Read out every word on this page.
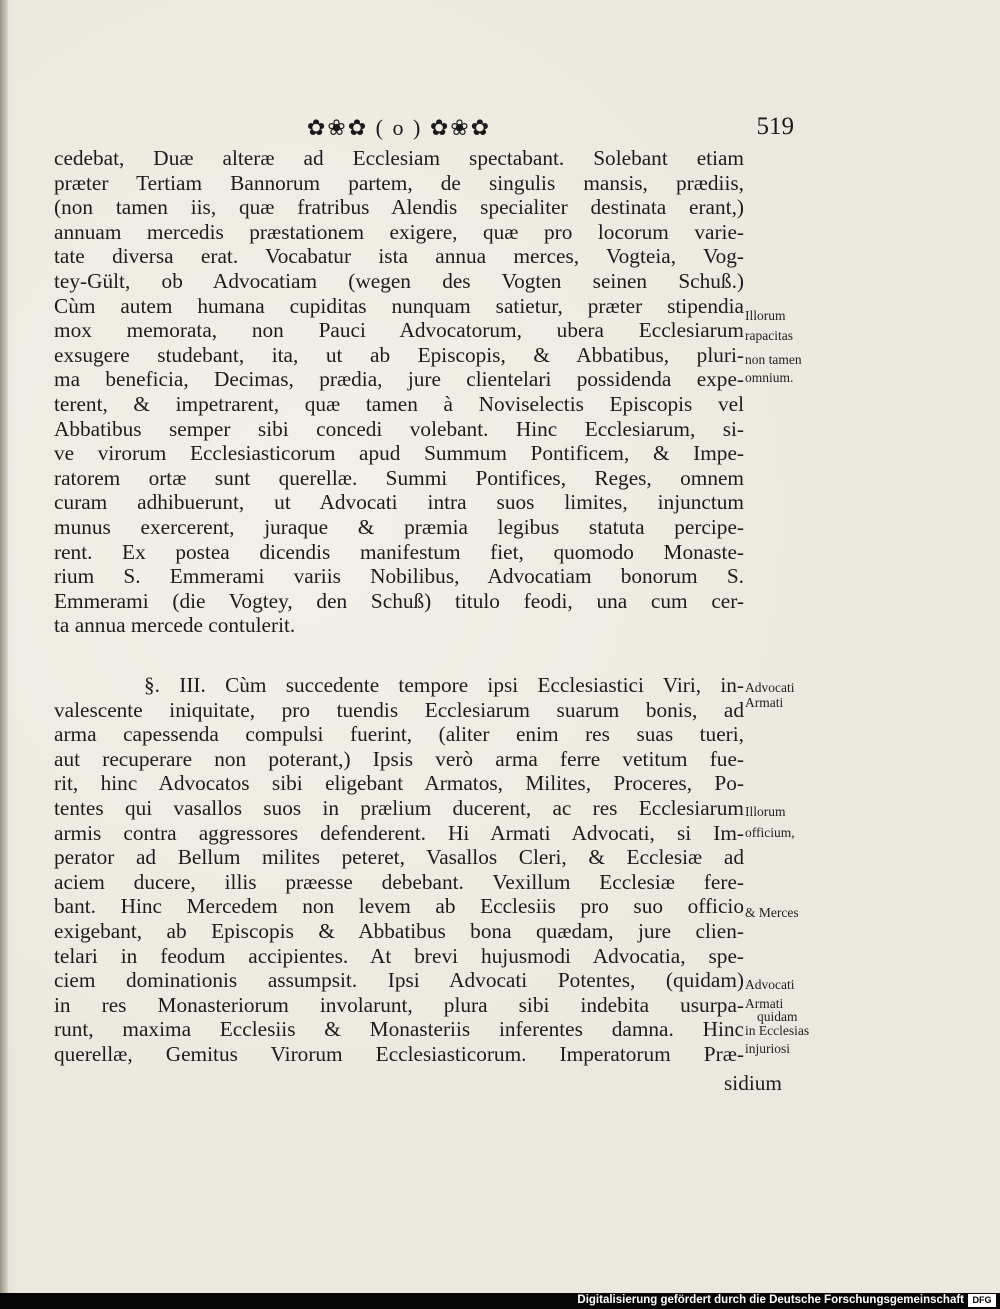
✿❀✿ ( o ) ✿❀✿	519
cedebat, Duæ alteræ ad Ecclesiam spectabant. Solebant etiam
præter Tertiam Bannorum partem, de singulis mansis, prædiis,
(non tamen iis, quæ fratribus Alendis specialiter destinata erant,)
annuam mercedis præstationem exigere, quæ pro locorum varie-
tate diversa erat. Vocabatur ista annua merces, Vogteia, Vog-
tey-Gült, ob Advocatiam (wegen des Vogten seinen Schuß.)
Cùm autem humana cupiditas nunquam satietur, præter stipendia
mox memorata, non Pauci Advocatorum, ubera Ecclesiarum
exsugere studebant, ita, ut ab Episcopis, & Abbatibus, pluri-
ma beneficia, Decimas, prædia, jure clientelari possidenda expe-
terent, & impetrarent, quæ tamen à Noviselectis Episcopis vel
Abbatibus semper sibi concedi volebant. Hinc Ecclesiarum, si-
ve virorum Ecclesiasticorum apud Summum Pontificem, & Impe-
ratorem ortæ sunt querellæ. Summi Pontifices, Reges, omnem
curam adhibuerunt, ut Advocati intra suos limites, injunctum
munus exercerent, juraque & præmia legibus statuta percipe-
rent. Ex postea dicendis manifestum fiet, quomodo Monaste-
rium S. Emmerami variis Nobilibus, Advocatiam bonorum S.
Emmerami (die Vogtey, den Schuß) titulo feodi, una cum cer-
ta annua mercede contulerit.
§. III. Cùm succedente tempore ipsi Ecclesiastici Viri, in-
valescente iniquitate, pro tuendis Ecclesiarum suarum bonis, ad
arma capessenda compulsi fuerint, (aliter enim res suas tueri,
aut recuperare non poterant,) Ipsis verò arma ferre vetitum fue-
rit, hinc Advocatos sibi eligebant Armatos, Milites, Proceres, Po-
tentes qui vasallos suos in prælium ducerent, ac res Ecclesiarum
armis contra aggressores defenderent. Hi Armati Advocati, si Im-
perator ad Bellum milites peteret, Vasallos Cleri, & Ecclesiæ ad
aciem ducere, illis præesse debebant. Vexillum Ecclesiæ fere-
bant. Hinc Mercedem non levem ab Ecclesiis pro suo officio
exigebant, ab Episcopis & Abbatibus bona quædam, jure clien-
telari in feodum accipientes. At brevi hujusmodi Advocatia, spe-
ciem dominationis assumpsit. Ipsi Advocati Potentes, (quidam)
in res Monasteriorum involarunt, plura sibi indebita usurpa-
runt, maxima Ecclesiis & Monasteriis inferentes damna. Hinc
querellæ, Gemitus Virorum Ecclesiasticorum. Imperatorum Præ-
sidium
Illorum
rapacitas
non tamen
omnium.
Advocati
Armati
Illorum
officium,
& Merces
Advocati
Armati
quidam
in Ecclesias
injuriosi
Digitalisierung gefördert durch die Deutsche Forschungsgemeinschaft DFG
